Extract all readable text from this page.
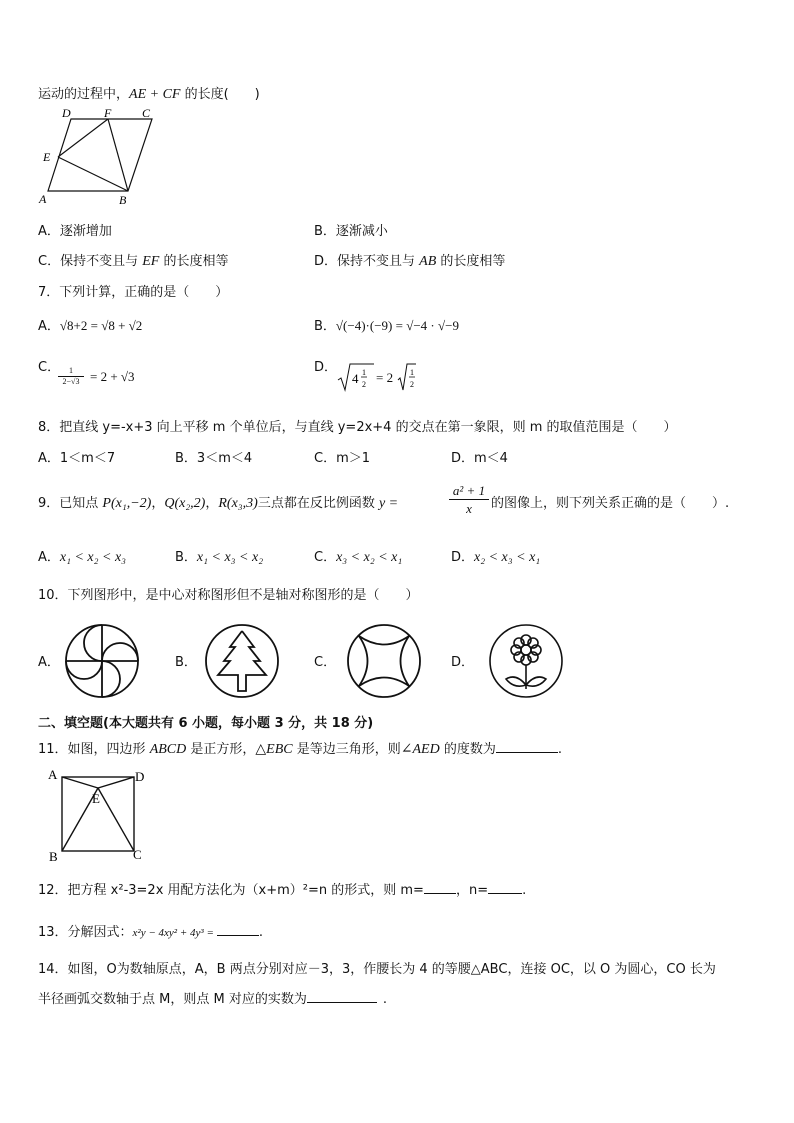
运动的过程中，AE + CF 的长度(　　)
D	F	C
E
A	B
A．逐渐增加	B．逐渐减小
C．保持不变且与 EF 的长度相等	D．保持不变且与 AB 的长度相等
7．下列计算，正确的是（　　）
A．√8+2 = √8 + √2	B．√(−4)·(−9) = √−4 · √−9
C．
$\frac{1}{2-√3} = 2 + √3$
D．
4 1
2
1
2
= 2
8．把直线 y=-x+3 向上平移 m 个单位后，与直线 y=2x+4 的交点在第一象限，则 m 的取值范围是（　　）
A．1＜m＜7	B．3＜m＜4	C．m＞1	D．m＜4
9．已知点 P(x₁,−2)，Q(x₂,2)，R(x₃,3)三点都在反比例函数 y =	$\frac{\text{a² + 1}}{x}$ 的图像上，则下列关系正确的是（　　）.
A．x₁ < x₂ < x₃	B．x₁ < x₃ < x₂	C．x₃ < x₂ < x₁	D．x₂ < x₃ < x₁
10．下列图形中，是中心对称图形但不是轴对称图形的是（　　）
A．	B．	C．	D．
二、填空题(本大题共有 6 小题，每小题 3 分，共 18 分)
11．如图，四边形 ABCD 是正方形，△EBC 是等边三角形，则∠AED 的度数为	.
A	D
E
B	C
12．把方程 x²-3=2x 用配方法化为（x+m）²=n 的形式，则 m= ，n=	.
13．分解因式：x²y − 4xy² + 4y³ =	.
14．如图，O为数轴原点，A，B 两点分别对应－3，3，作腰长为 4 的等腰△ABC，连接 OC，以 O 为圆心，CO 长为
半径画弧交数轴于点 M，则点 M 对应的实数为	.
